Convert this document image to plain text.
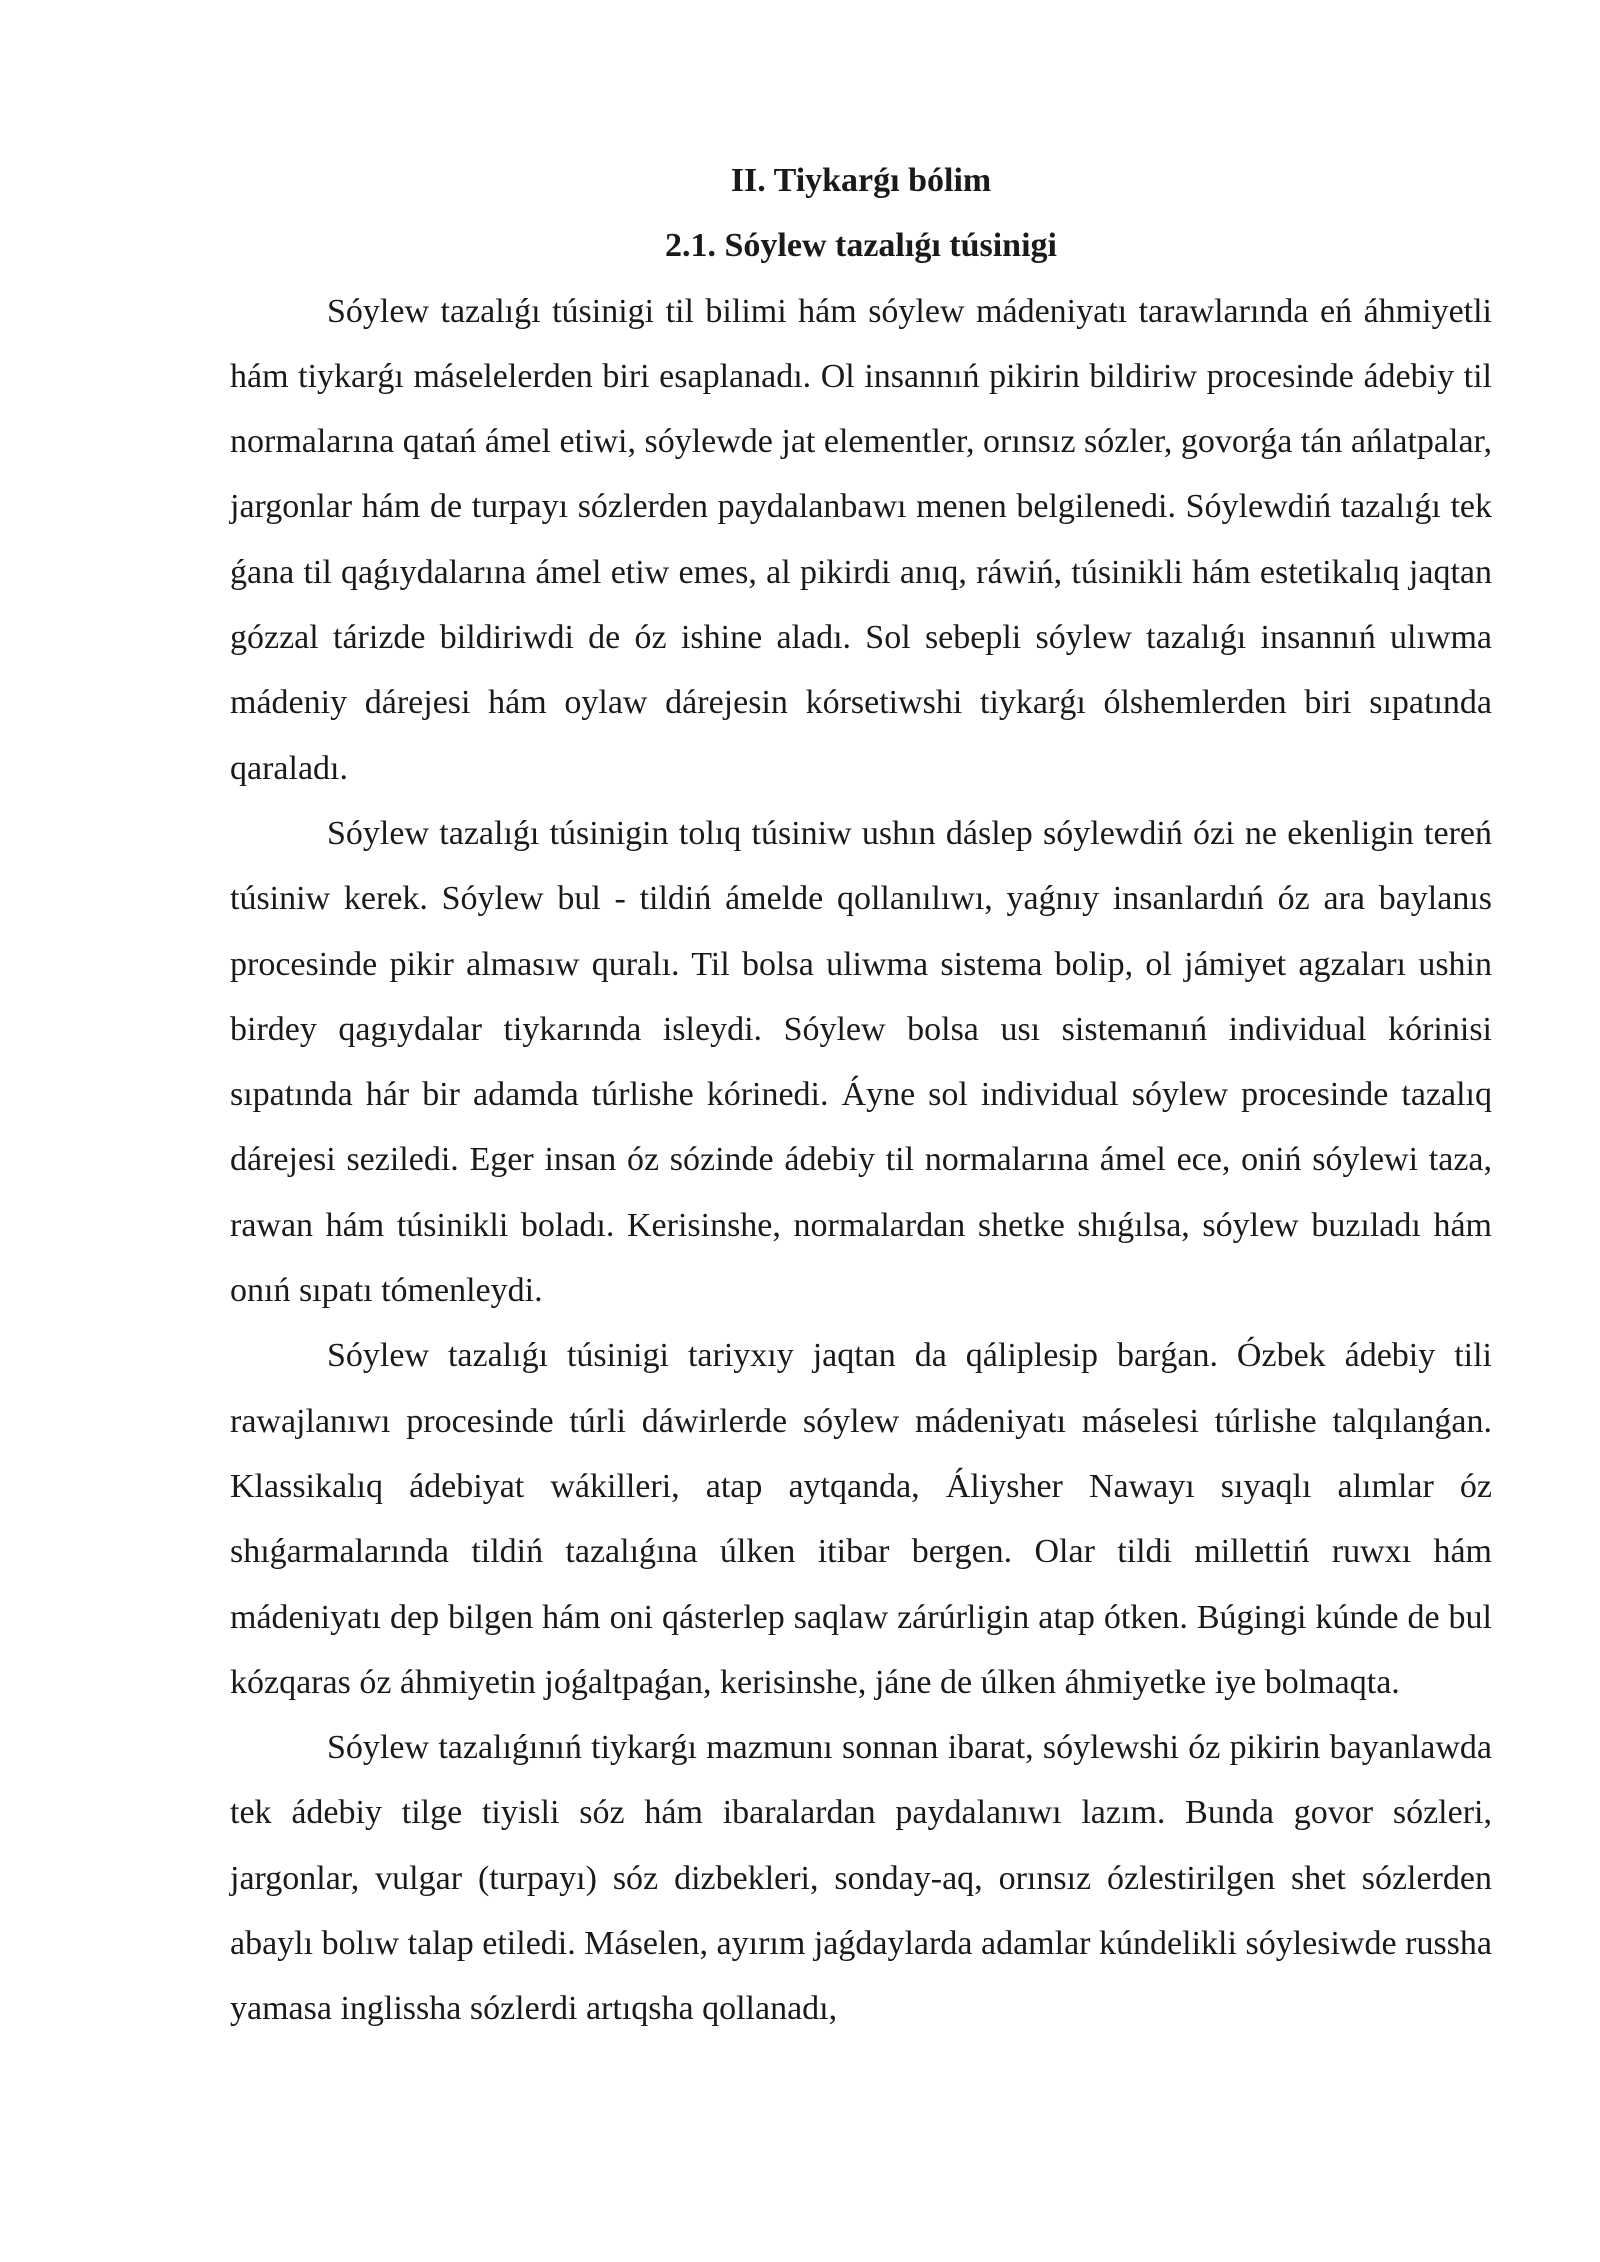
II. Tiykarǵı bólim

2.1. Sóylew tazalıǵı túsinigi

Sóylew tazalıǵı túsinigi til bilimi hám sóylew mádeniyatı tarawlarında eń áhmiyetli hám tiykarǵı máselelerden biri esaplanadı. Ol insannıń pikirin bildiriw procesinde ádebiy til normalarına qatań ámel etiwi, sóylewde jat elementler, orınsız sózler, govorǵa tán ańlatpalar, jargonlar hám de turpayı sózlerden paydalanbawı menen belgilenedi. Sóylewdiń tazalıǵı tek ǵana til qaǵıydalarına ámel etiw emes, al pikirdi anıq, ráwiń, túsinikli hám estetikalıq jaqtan gózzal tárizde bildiriwdi de óz ishine aladı. Sol sebepli sóylew tazalıǵı insannıń ulıwma mádeniy dárejesi hám oylaw dárejesin kórsetiwshi tiykarǵı ólshemlerden biri sıpatında qaraladı.

Sóylew tazalıǵı túsinigin tolıq túsiniw ushın dáslep sóylewdiń ózi ne ekenligin tereń túsiniw kerek. Sóylew bul - tildiń ámelde qollanılıwı, yaǵnıy insanlardıń óz ara baylanıs procesinde pikir almasıw quralı. Til bolsa uliwma sistema bolip, ol jámiyet agzaları ushin birdey qagıydalar tiykarında isleydi. Sóylew bolsa usı sistemanıń individual kórinisi sıpatında hár bir adamda túrlishe kórinedi. Áyne sol individual sóylew procesinde tazalıq dárejesi seziledi. Eger insan óz sózinde ádebiy til normalarına ámel ece, oniń sóylewi taza, rawan hám túsinikli boladı. Kerisinshe, normalardan shetke shıǵılsa, sóylew buzıladı hám onıń sıpatı tómenleydi.

Sóylew tazalıǵı túsinigi tariyxıy jaqtan da qáliplesip barǵan. Ózbek ádebiy tili rawajlanıwı procesinde túrli dáwirlerde sóylew mádeniyatı máselesi túrlishe talqılanǵan. Klassikalıq ádebiyat wákilleri, atap aytqanda, Áliysher Nawayı sıyaqlı alımlar óz shıǵarmalarında tildiń tazalıǵına úlken itibar bergen. Olar tildi millettiń ruwxı hám mádeniyatı dep bilgen hám oni qásterlep saqlaw zárúrligin atap ótken. Búgingi kúnde de bul kózqaras óz áhmiyetin joǵaltpaǵan, kerisinshe, jáne de úlken áhmiyetke iye bolmaqta.

Sóylew tazalıǵınıń tiykarǵı mazmunı sonnan ibarat, sóylewshi óz pikirin bayanlawda tek ádebiy tilge tiyisli sóz hám ibaralardan paydalanıwı lazım. Bunda govor sózleri, jargonlar, vulgar (turpayı) sóz dizbekleri, sonday-aq, orınsız ózlestirilgen shet sózlerden abaylı bolıw talap etiledi. Máselen, ayırım jaǵdaylarda adamlar kúndelikli sóylesiwde russha yamasa inglisshа sózlerdi artıqsha qollanadı,
